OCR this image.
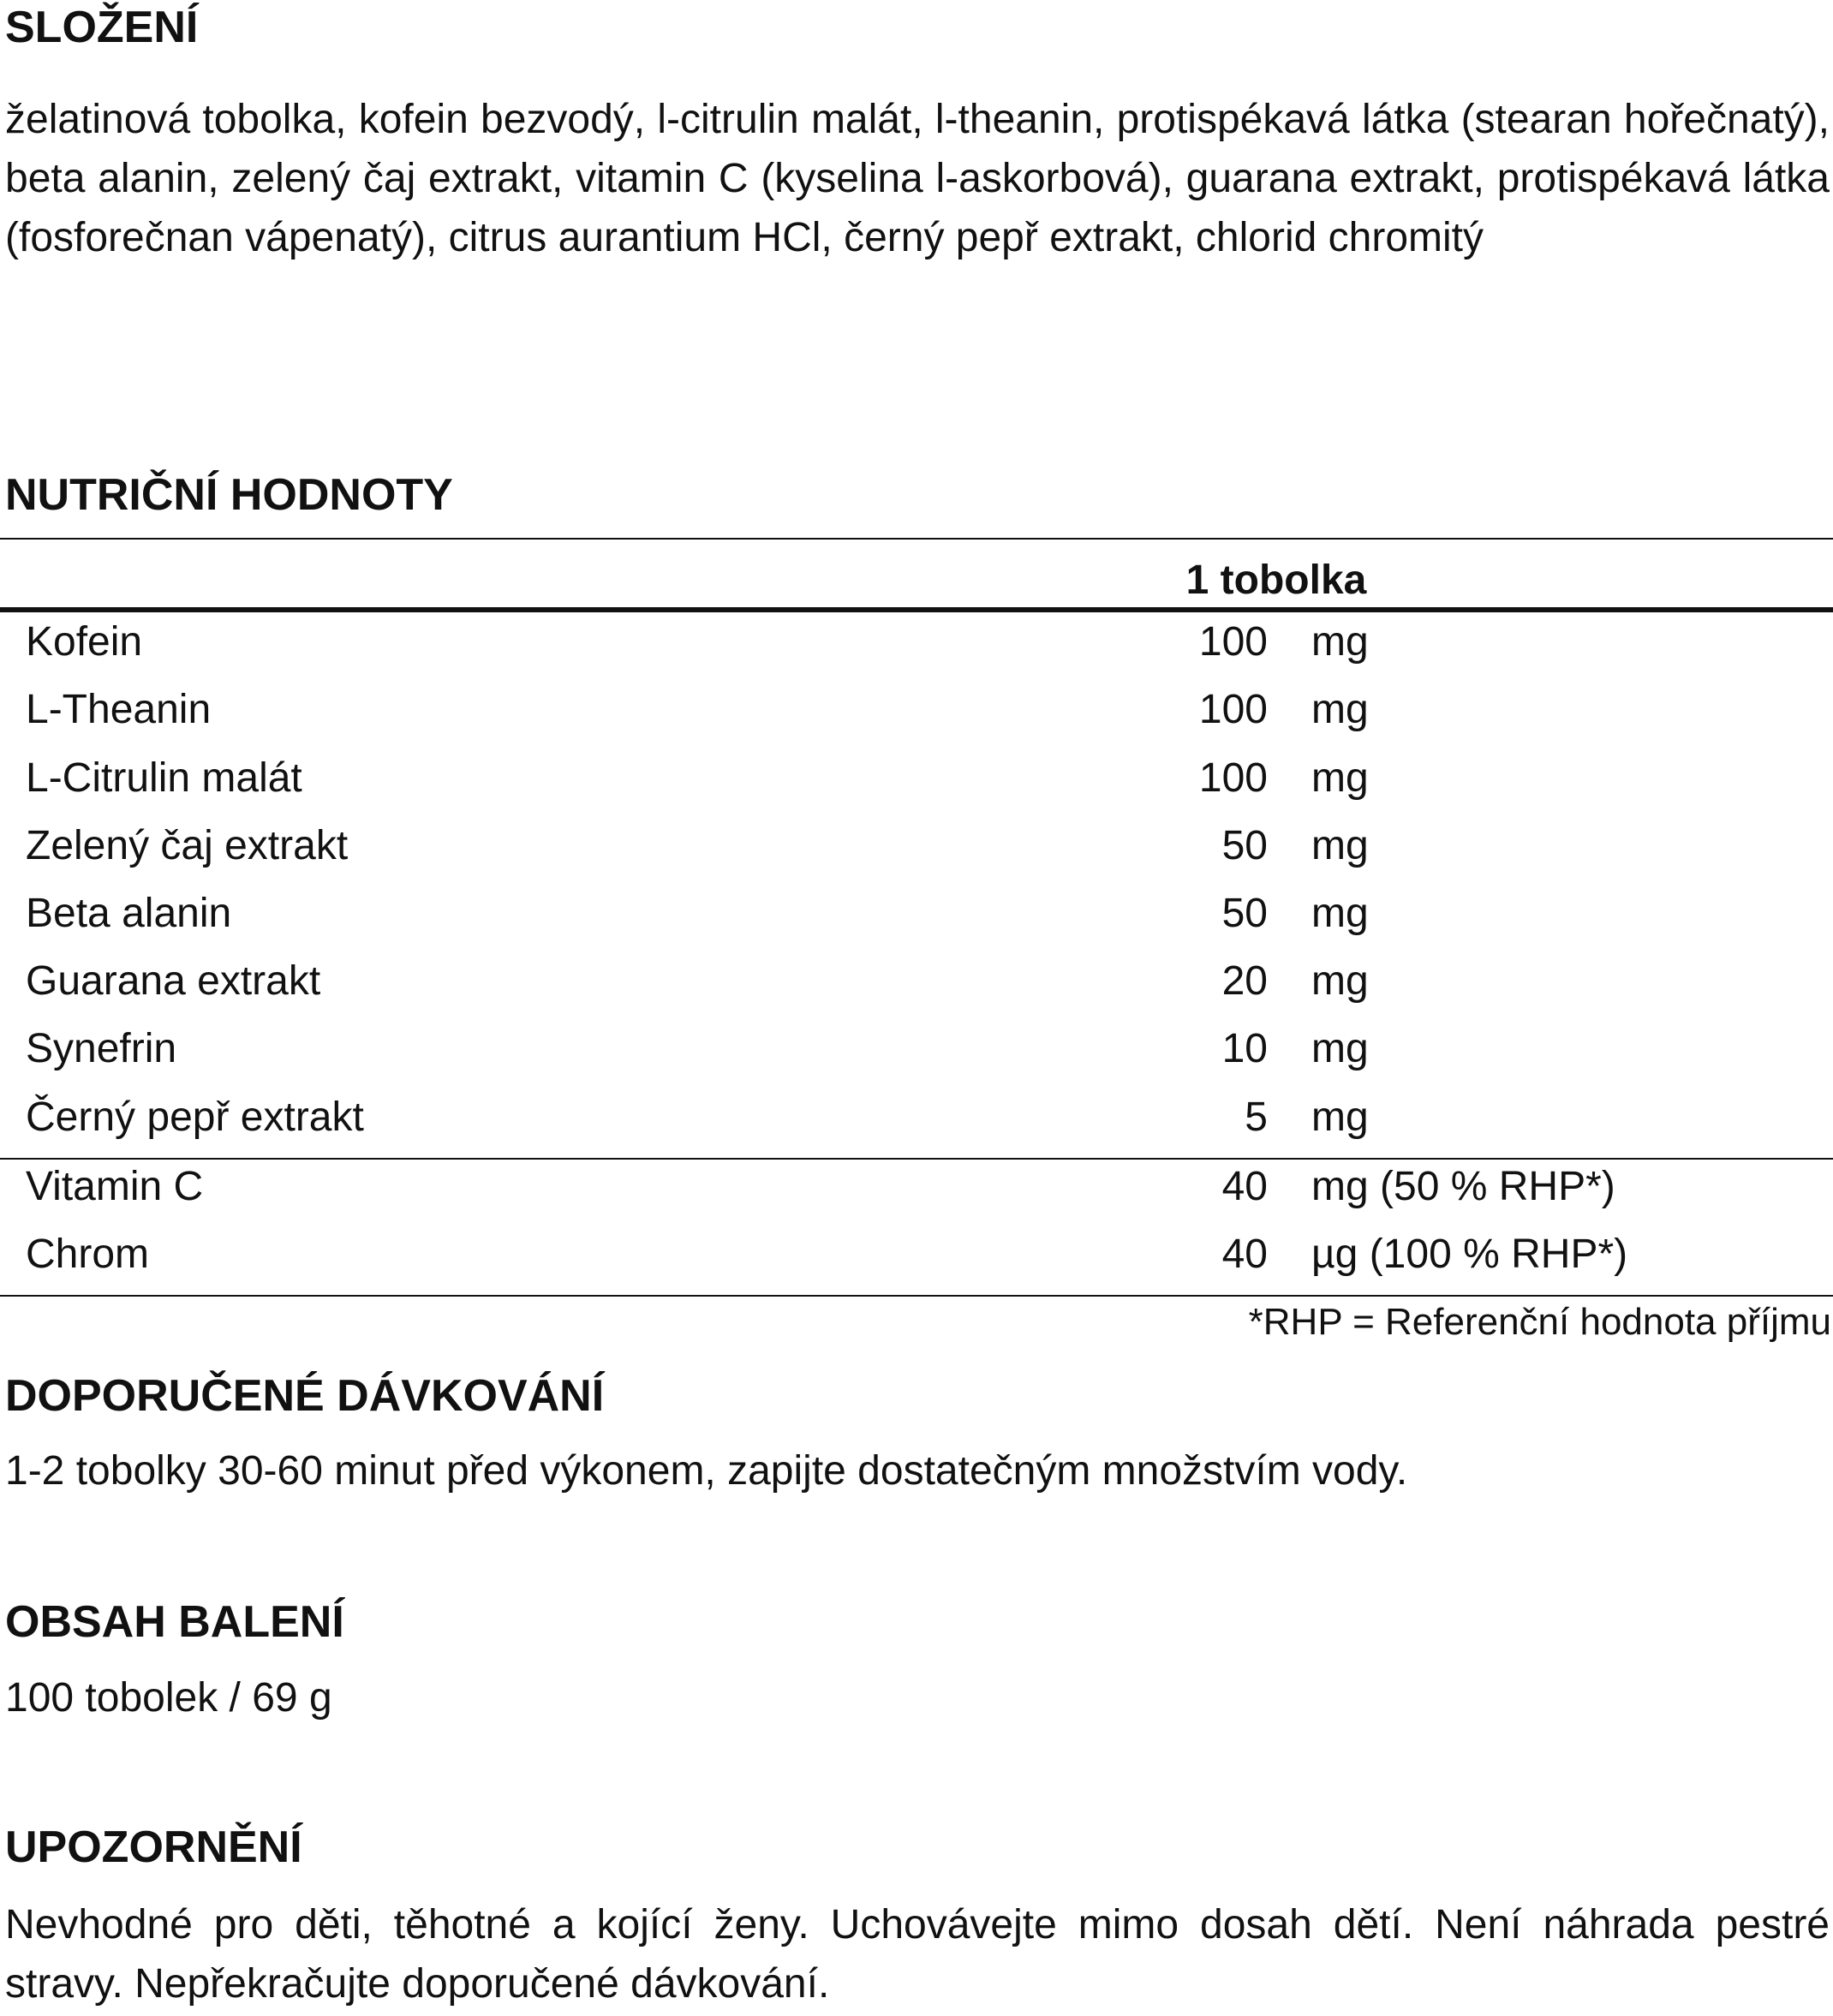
SLOŽENÍ

želatinová tobolka, kofein bezvodý, l-citrulin malát, l-theanin, protispékavá látka (stearan hořečnatý), beta alanin, zelený čaj extrakt, vitamin C (kyselina l-askorbová), guarana extrakt, protispékavá látka (fosforečnan vápenatý), citrus aurantium HCl, černý pepř extrakt, chlorid chromitý

NUTRIČNÍ HODNOTY
1 tobolka
Kofein	100 mg
L-Theanin	100 mg
L-Citrulin malát	100 mg
Zelený čaj extrakt	50 mg
Beta alanin	50 mg
Guarana extrakt	20 mg
Synefrin	10 mg
Černý pepř extrakt	5 mg
Vitamin C	40 mg (50 % RHP*)
Chrom	40 µg (100 % RHP*)

*RHP = Referenční hodnota příjmu

DOPORUČENÉ DÁVKOVÁNÍ

1-2 tobolky 30-60 minut před výkonem, zapijte dostatečným množstvím vody.

OBSAH BALENÍ

100 tobolek / 69 g

UPOZORNĚNÍ

Nevhodné pro děti, těhotné a kojící ženy. Uchovávejte mimo dosah dětí. Není náhrada pestré stravy. Nepřekračujte doporučené dávkování.
